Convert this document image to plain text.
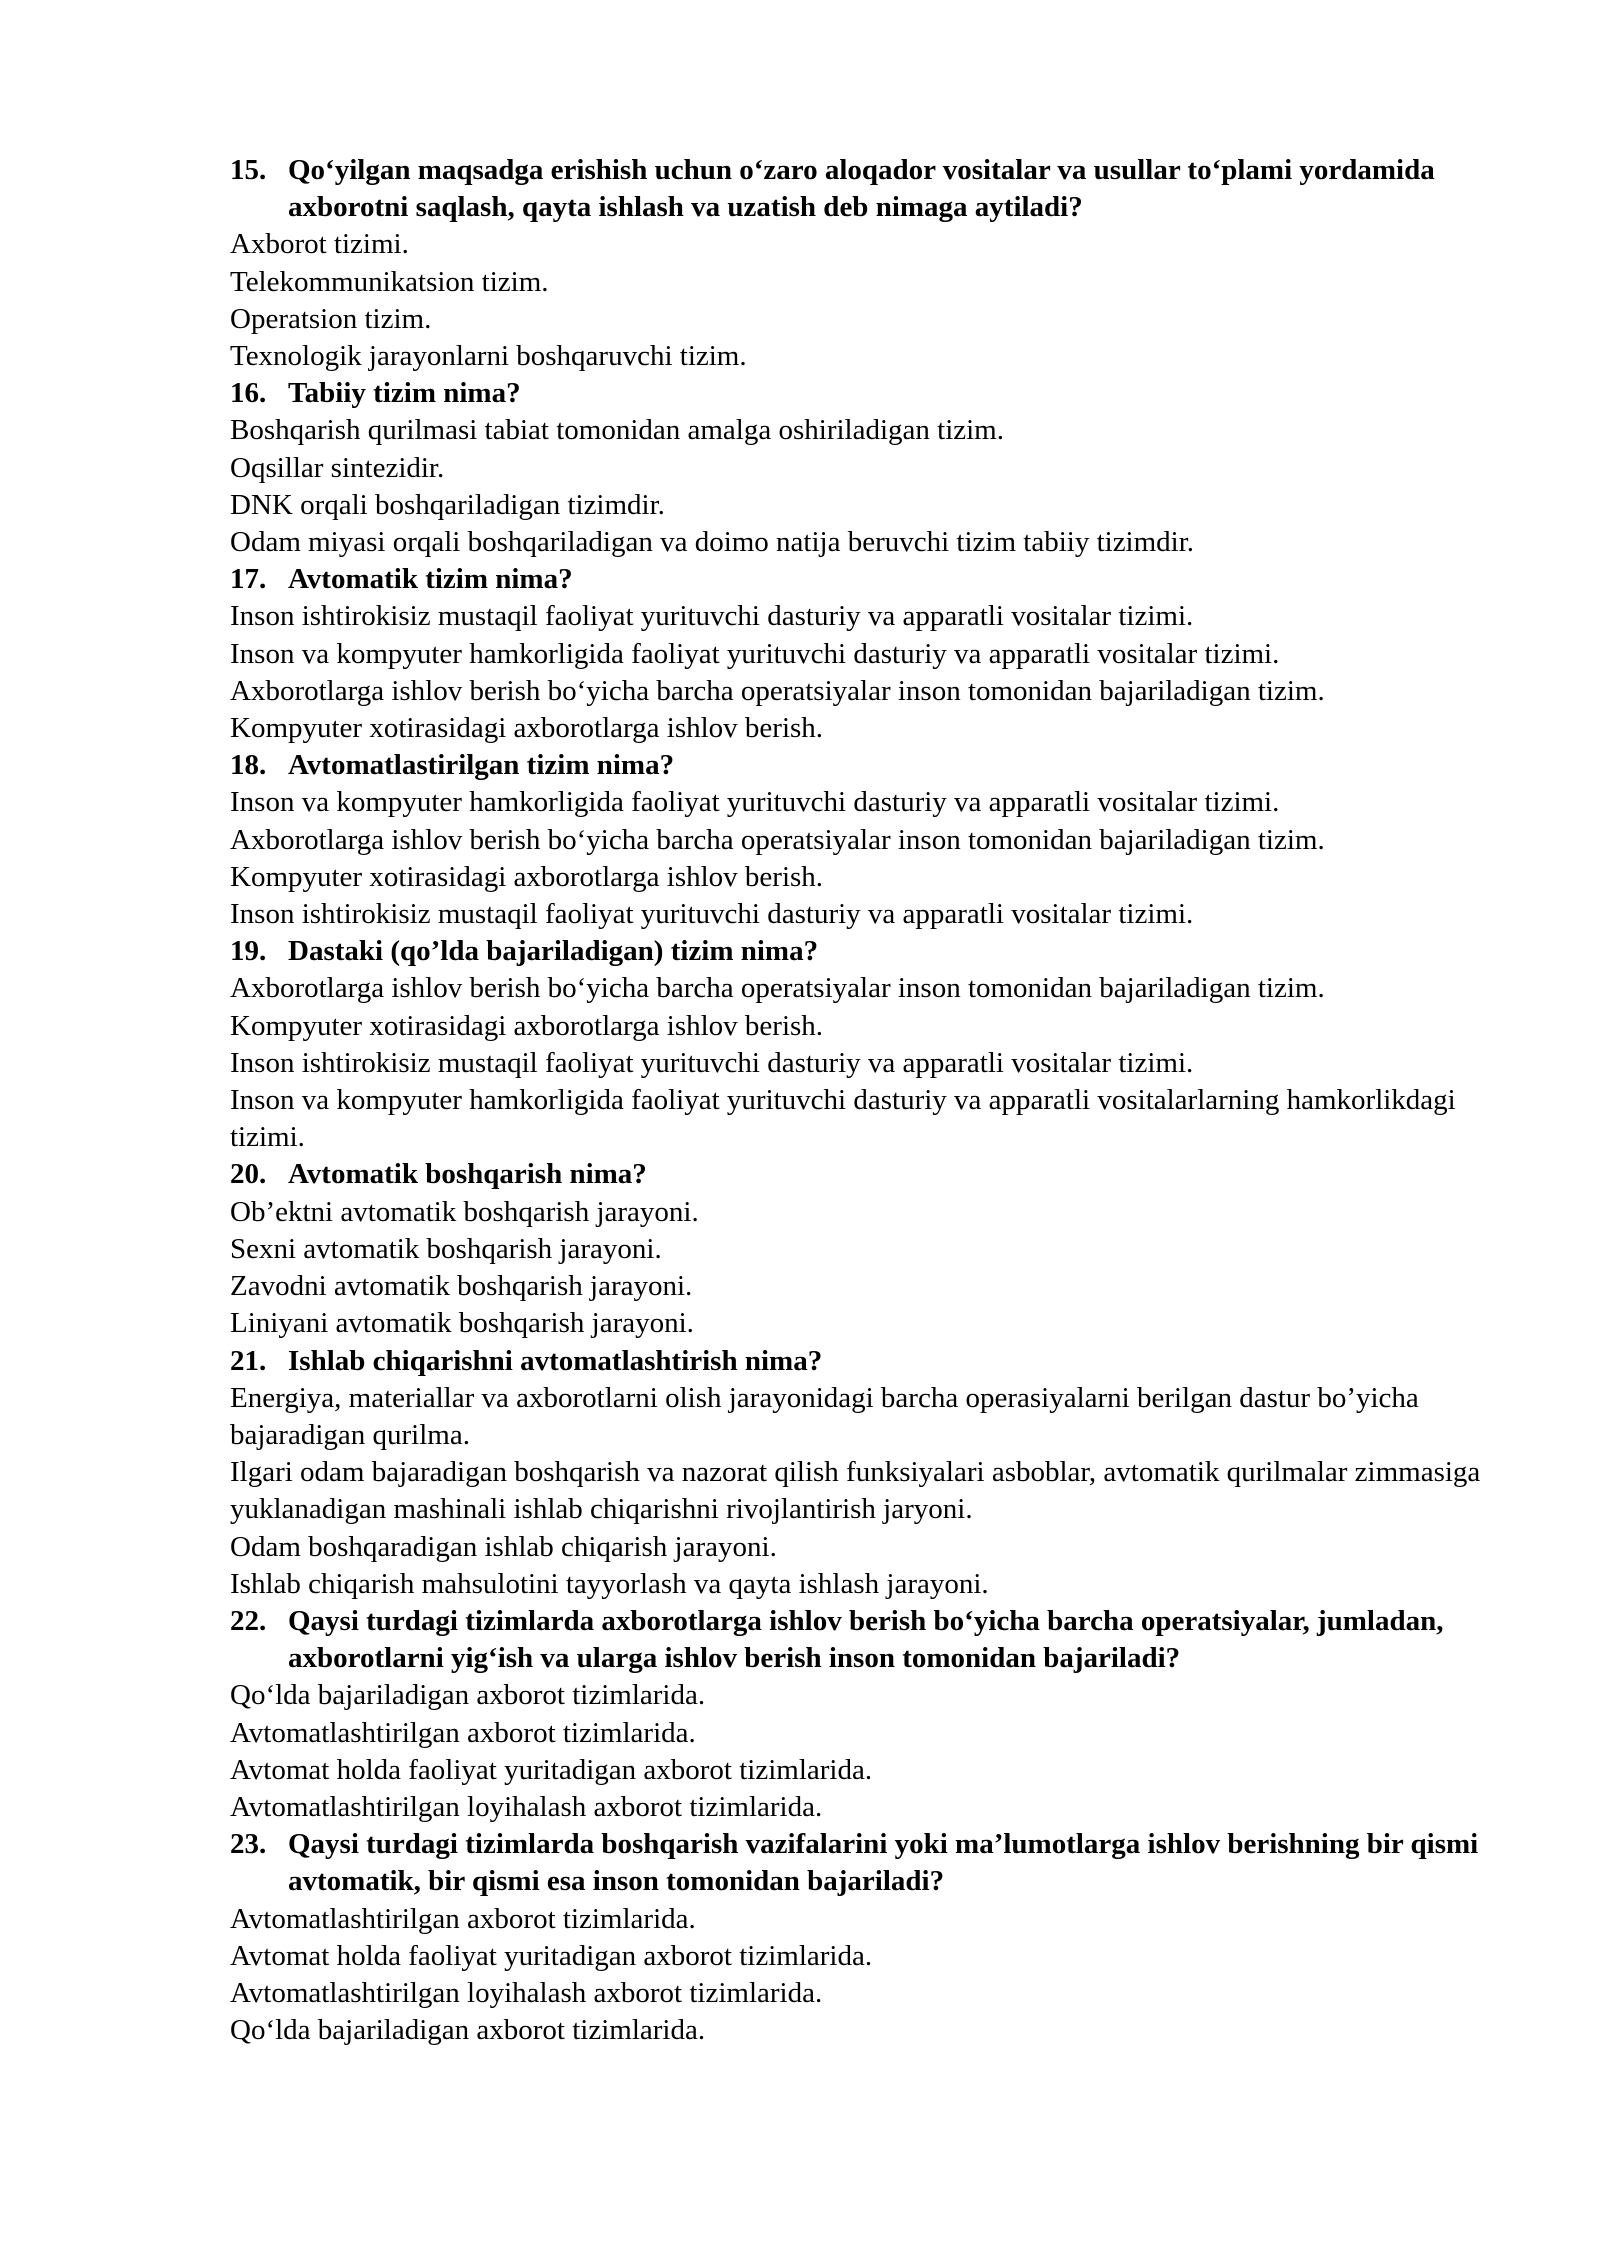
15. Qo‘yilgan maqsadga erishish uchun o‘zaro aloqador vositalar va usullar to‘plami yordamida axborotni saqlash, qayta ishlash va uzatish deb nimaga aytiladi?
Axborot tizimi.
Telekommunikatsion tizim.
Operatsion tizim.
Texnologik jarayonlarni boshqaruvchi tizim.
16. Tabiiy tizim nima?
Boshqarish qurilmasi tabiat tomonidan amalga oshiriladigan tizim.
Oqsillar sintezidir.
DNK orqali boshqariladigan tizimdir.
Odam miyasi orqali boshqariladigan va doimo natija beruvchi tizim tabiiy tizimdir.
17. Avtomatik tizim nima?
Inson ishtirokisiz mustaqil faoliyat yurituvchi dasturiy va apparatli vositalar tizimi.
Inson va kompyuter hamkorligida faoliyat yurituvchi dasturiy va apparatli vositalar tizimi.
Axborotlarga ishlov berish bo‘yicha barcha operatsiyalar inson tomonidan bajariladigan tizim.
Kompyuter xotirasidagi axborotlarga ishlov berish.
18. Avtomatlastirilgan tizim nima?
Inson va kompyuter hamkorligida faoliyat yurituvchi dasturiy va apparatli vositalar tizimi.
Axborotlarga ishlov berish bo‘yicha barcha operatsiyalar inson tomonidan bajariladigan tizim.
Kompyuter xotirasidagi axborotlarga ishlov berish.
Inson ishtirokisiz mustaqil faoliyat yurituvchi dasturiy va apparatli vositalar tizimi.
19. Dastaki (qo’lda bajariladigan) tizim nima?
Axborotlarga ishlov berish bo‘yicha barcha operatsiyalar inson tomonidan bajariladigan tizim.
Kompyuter xotirasidagi axborotlarga ishlov berish.
Inson ishtirokisiz mustaqil faoliyat yurituvchi dasturiy va apparatli vositalar tizimi.
Inson va kompyuter hamkorligida faoliyat yurituvchi dasturiy va apparatli vositalarlarning hamkorlikdagi tizimi.
20. Avtomatik boshqarish nima?
Ob’ektni avtomatik boshqarish jarayoni.
Sexni avtomatik boshqarish jarayoni.
Zavodni avtomatik boshqarish jarayoni.
Liniyani avtomatik boshqarish jarayoni.
21. Ishlab chiqarishni avtomatlashtirish nima?
Energiya, materiallar va axborotlarni olish jarayonidagi barcha operasiyalarni berilgan dastur bo’yicha bajaradigan qurilma.
Ilgari odam bajaradigan boshqarish va nazorat qilish funksiyalari asboblar, avtomatik qurilmalar zimmasiga yuklanadigan mashinali ishlab chiqarishni rivojlantirish jaryoni.
Odam boshqaradigan ishlab chiqarish jarayoni.
Ishlab chiqarish mahsulotini tayyorlash va qayta ishlash jarayoni.
22. Qaysi turdagi tizimlarda axborotlarga ishlov berish bo‘yicha barcha operatsiyalar, jumladan, axborotlarni yig‘ish va ularga ishlov berish inson tomonidan bajariladi?
Qo‘lda bajariladigan axborot tizimlarida.
Avtomatlashtirilgan axborot tizimlarida.
Avtomat holda faoliyat yuritadigan axborot tizimlarida.
Avtomatlashtirilgan loyihalash axborot tizimlarida.
23. Qaysi turdagi tizimlarda boshqarish vazifalarini yoki ma’lumotlarga ishlov berishning bir qismi avtomatik, bir qismi esa inson tomonidan bajariladi?
Avtomatlashtirilgan axborot tizimlarida.
Avtomat holda faoliyat yuritadigan axborot tizimlarida.
Avtomatlashtirilgan loyihalash axborot tizimlarida.
Qo‘lda bajariladigan axborot tizimlarida.
